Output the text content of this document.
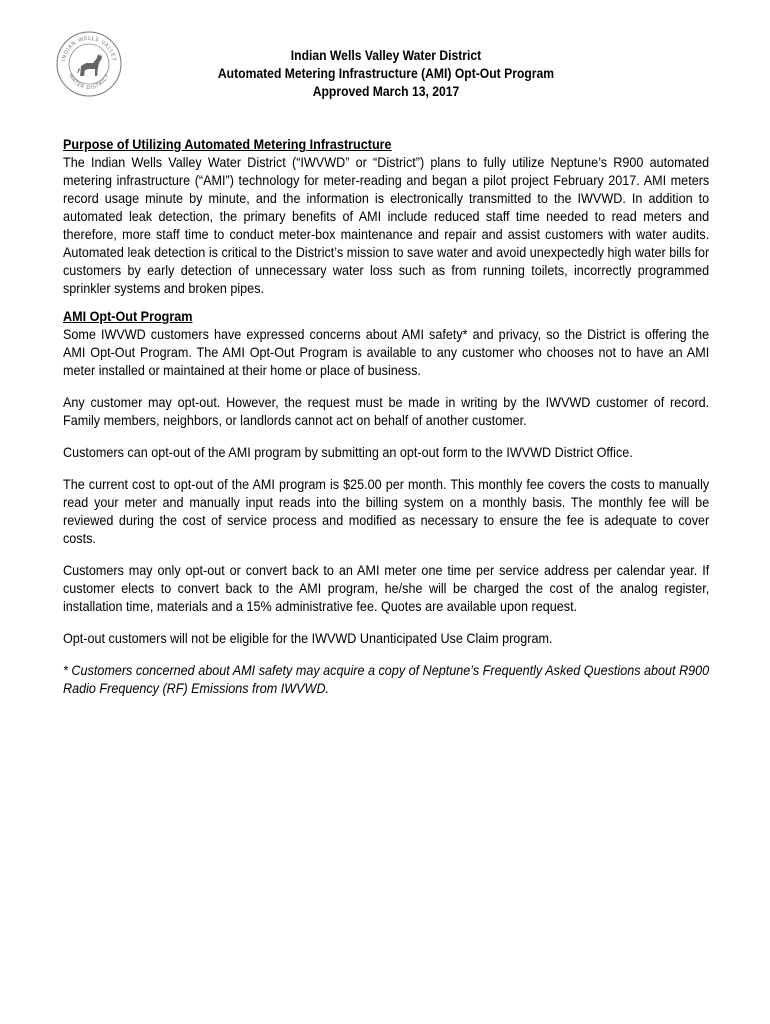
INDIAN WELLS VALLEY
WATER DISTRICT
Indian Wells Valley Water District
Automated Metering Infrastructure (AMI) Opt-Out Program
Approved March 13, 2017

Purpose of Utilizing Automated Metering Infrastructure

The Indian Wells Valley Water District (“IWVWD” or “District”) plans to fully utilize Neptune’s R900 automated metering infrastructure (“AMI”) technology for meter-reading and began a pilot project February 2017. AMI meters record usage minute by minute, and the information is electronically transmitted to the IWVWD. In addition to automated leak detection, the primary benefits of AMI include reduced staff time needed to read meters and therefore, more staff time to conduct meter-box maintenance and repair and assist customers with water audits. Automated leak detection is critical to the District’s mission to save water and avoid unexpectedly high water bills for customers by early detection of unnecessary water loss such as from running toilets, incorrectly programmed sprinkler systems and broken pipes.

AMI Opt-Out Program

Some IWVWD customers have expressed concerns about AMI safety* and privacy, so the District is offering the AMI Opt-Out Program. The AMI Opt-Out Program is available to any customer who chooses not to have an AMI meter installed or maintained at their home or place of business.

Any customer may opt-out. However, the request must be made in writing by the IWVWD customer of record. Family members, neighbors, or landlords cannot act on behalf of another customer.

Customers can opt-out of the AMI program by submitting an opt-out form to the IWVWD District Office.

The current cost to opt-out of the AMI program is $25.00 per month. This monthly fee covers the costs to manually read your meter and manually input reads into the billing system on a monthly basis. The monthly fee will be reviewed during the cost of service process and modified as necessary to ensure the fee is adequate to cover costs.

Customers may only opt-out or convert back to an AMI meter one time per service address per calendar year. If customer elects to convert back to the AMI program, he/she will be charged the cost of the analog register, installation time, materials and a 15% administrative fee. Quotes are available upon request.

Opt-out customers will not be eligible for the IWVWD Unanticipated Use Claim program.

* Customers concerned about AMI safety may acquire a copy of Neptune’s Frequently Asked Questions about R900 Radio Frequency (RF) Emissions from IWVWD.
